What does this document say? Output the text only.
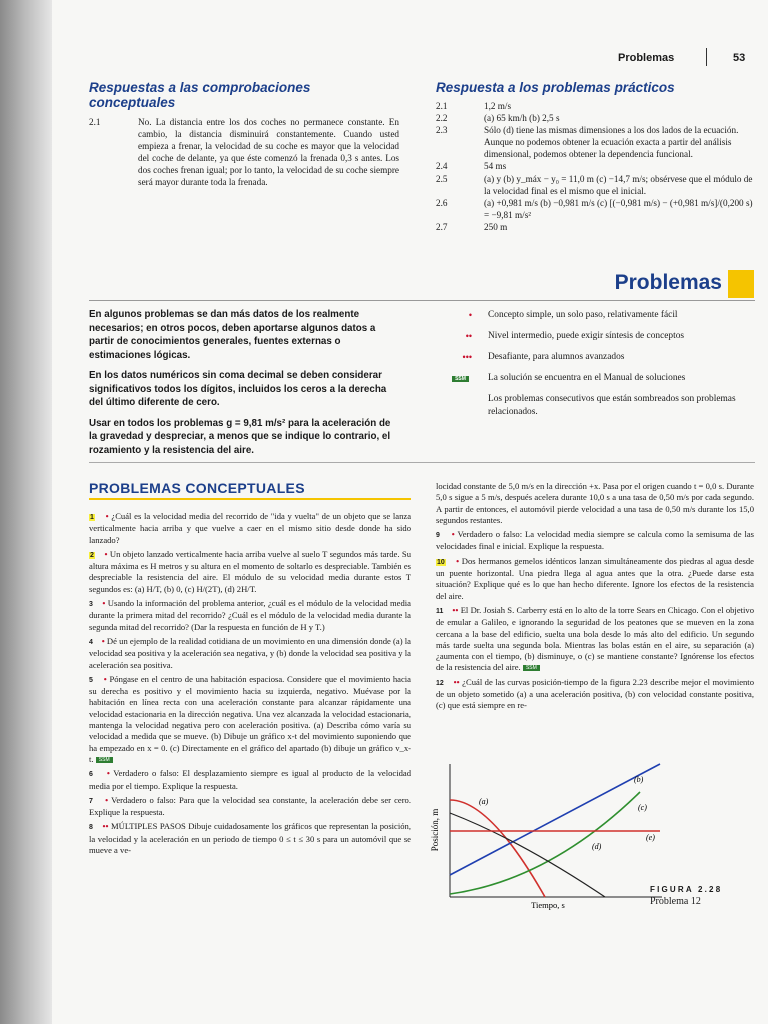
Problemas	53
Respuestas a las comprobaciones conceptuales
2.1	No. La distancia entre los dos coches no permanece constante. En cambio, la distancia disminuirá constantemente. Cuando usted empieza a frenar, la velocidad de su coche es mayor que la velocidad del coche de delante, ya que éste comenzó la frenada 0,3 s antes. Los dos coches frenan igual; por lo tanto, la velocidad de su coche siempre será mayor durante toda la frenada.
Respuesta a los problemas prácticos
2.1	1,2 m/s
2.2	(a) 65 km/h (b) 2,5 s
2.3	Sólo (d) tiene las mismas dimensiones a los dos lados de la ecuación. Aunque no podemos obtener la ecuación exacta a partir del análisis dimensional, podemos obtener la dependencia funcional.
2.4	54 ms
2.5	(a) y (b) y_máx − y₀ = 11,0 m (c) −14,7 m/s; obsérvese que el módulo de la velocidad final es el mismo que el inicial.
2.6	(a) +0,981 m/s (b) −0,981 m/s (c) [(−0,981 m/s) − (+0,981 m/s]/(0,200 s) = −9,81 m/s²
2.7	250 m
Problemas
En algunos problemas se dan más datos de los realmente necesarios; en otros pocos, deben aportarse algunos datos a partir de conocimientos generales, fuentes externas o estimaciones lógicas.
En los datos numéricos sin coma decimal se deben considerar significativos todos los dígitos, incluidos los ceros a la derecha del último diferente de cero.
Usar en todos los problemas g = 9,81 m/s² para la aceleración de la gravedad y despreciar, a menos que se indique lo contrario, el rozamiento y la resistencia del aire.
• Concepto simple, un solo paso, relativamente fácil
•• Nivel intermedio, puede exigir síntesis de conceptos
••• Desafiante, para alumnos avanzados
SSM	La solución se encuentra en el Manual de soluciones
Los problemas consecutivos que están sombreados son problemas relacionados.
PROBLEMAS CONCEPTUALES
1 • ¿Cuál es la velocidad media del recorrido de "ida y vuelta" de un objeto que se lanza verticalmente hacia arriba y que vuelve a caer en el mismo sitio desde donde ha sido lanzado?
2 • Un objeto lanzado verticalmente hacia arriba vuelve al suelo T segundos más tarde. Su altura máxima es H metros y su altura en el momento de soltarlo es despreciable. También es despreciable la resistencia del aire. El módulo de su velocidad media durante estos T segundos es: (a) H/T, (b) 0, (c) H/(2T), (d) 2H/T.
3 • Usando la información del problema anterior, ¿cuál es el módulo de la velocidad media durante la primera mitad del recorrido? ¿Cuál es el módulo de la velocidad media durante la segunda mitad del recorrido? (Dar la respuesta en función de H y T.)
4 • Dé un ejemplo de la realidad cotidiana de un movimiento en una dimensión donde (a) la velocidad sea positiva y la aceleración sea negativa, y (b) donde la velocidad sea positiva y la aceleración sea positiva.
5 • Póngase en el centro de una habitación espaciosa. Considere que el movimiento hacia su derecha es positivo y el movimiento hacia su izquierda, negativo. Muévase por la habitación en línea recta con una aceleración constante para alcanzar rápidamente una velocidad estacionaria en la dirección negativa. Una vez alcanzada la velocidad estacionaria, mantenga la velocidad negativa pero con aceleración positiva. (a) Describa cómo varía su velocidad a medida que se mueve. (b) Dibuje un gráfico x-t del movimiento suponiendo que ha empezado en x = 0. (c) Directamente en el gráfico del apartado (b) dibuje un gráfico v_x-t. SSM
6 • Verdadero o falso: El desplazamiento siempre es igual al producto de la velocidad media por el tiempo. Explique la respuesta.
7 • Verdadero o falso: Para que la velocidad sea constante, la aceleración debe ser cero. Explique la respuesta.
8 •• MÚLTIPLES PASOS Dibuje cuidadosamente los gráficos que representan la posición, la velocidad y la aceleración en un periodo de tiempo 0 ≤ t ≤ 30 s para un automóvil que se mueve a ve-
locidad constante de 5,0 m/s en la dirección +x. Pasa por el origen cuando t = 0,0 s. Durante 5,0 s sigue a 5 m/s, después acelera durante 10,0 s a una tasa de 0,50 m/s por cada segundo. A partir de entonces, el automóvil pierde velocidad a una tasa de 0,50 m/s durante los 15,0 segundos restantes.
9 • Verdadero o falso: La velocidad media siempre se calcula como la semisuma de las velocidades final e inicial. Explique la respuesta.
10 • Dos hermanos gemelos idénticos lanzan simultáneamente dos piedras al agua desde un puente horizontal. Una piedra llega al agua antes que la otra. ¿Puede darse esta situación? Explique qué es lo que han hecho diferente. Ignore los efectos de la resistencia del aire.
11 •• El Dr. Josiah S. Carberry está en lo alto de la torre Sears en Chicago. Con el objetivo de emular a Galileo, e ignorando la seguridad de los peatones que se mueven en la zona cercana a la base del edificio, suelta una bola desde lo más alto del edificio. Un segundo más tarde suelta una segunda bola. Mientras las bolas están en el aire, su separación (a) ¿aumenta con el tiempo, (b) disminuye, o (c) se mantiene constante? Ignórense los efectos de la resistencia del aire. SSM
12 •• ¿Cuál de las curvas posición-tiempo de la figura 2.23 describe mejor el movimiento de un objeto sometido (a) a una aceleración positiva, (b) con velocidad constante positiva, (c) que está siempre en re-
Posición, m
(a)
(b)
(c)
(d)
(e)
Tiempo, s
FIGURA 2.28
Problema 12
